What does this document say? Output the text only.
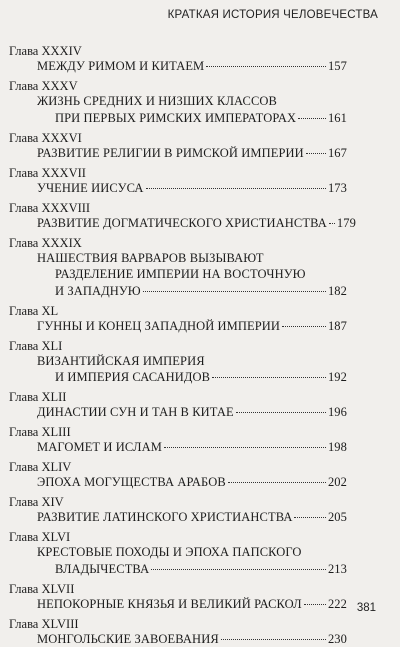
КРАТКАЯ ИСТОРИЯ ЧЕЛОВЕЧЕСТВА
Глава XXXIV
МЕЖДУ РИМОМ И КИТАЕМ	157
Глава XXXV
ЖИЗНЬ СРЕДНИХ И НИЗШИХ КЛАССОВ
ПРИ ПЕРВЫХ РИМСКИХ ИМПЕРАТОРАХ	161
Глава XXXVI
РАЗВИТИЕ РЕЛИГИИ В РИМСКОЙ ИМПЕРИИ 167
Глава XXXVII
УЧЕНИЕ ИИСУСА	173
Глава XXXVIII
РАЗВИТИЕ ДОГМАТИЧЕСКОГО ХРИСТИАНСТВА 179
Глава XXXIX
НАШЕСТВИЯ ВАРВАРОВ ВЫЗЫВАЮТ
РАЗДЕЛЕНИЕ ИМПЕРИИ НА ВОСТОЧНУЮ
И ЗАПАДНУЮ	182
Глава XL
ГУННЫ И КОНЕЦ ЗАПАДНОЙ ИМПЕРИИ	187
Глава XLI
ВИЗАНТИЙСКАЯ ИМПЕРИЯ
И ИМПЕРИЯ САСАНИДОВ	192
Глава XLII
ДИНАСТИИ СУН И ТАН В КИТАЕ	196
Глава XLIII
МАГОМЕТ И ИСЛАМ	198
Глава XLIV
ЭПОХА МОГУЩЕСТВА АРАБОВ	202
Глава XIV
РАЗВИТИЕ ЛАТИНСКОГО ХРИСТИАНСТВА	205
Глава XLVI
КРЕСТОВЫЕ ПОХОДЫ И ЭПОХА ПАПСКОГО
ВЛАДЫЧЕСТВА	213
Глава XLVII
НЕПОКОРНЫЕ КНЯЗЬЯ И ВЕЛИКИЙ РАСКОЛ 222
Глава XLVIII
МОНГОЛЬСКИЕ ЗАВОЕВАНИЯ	230
381
